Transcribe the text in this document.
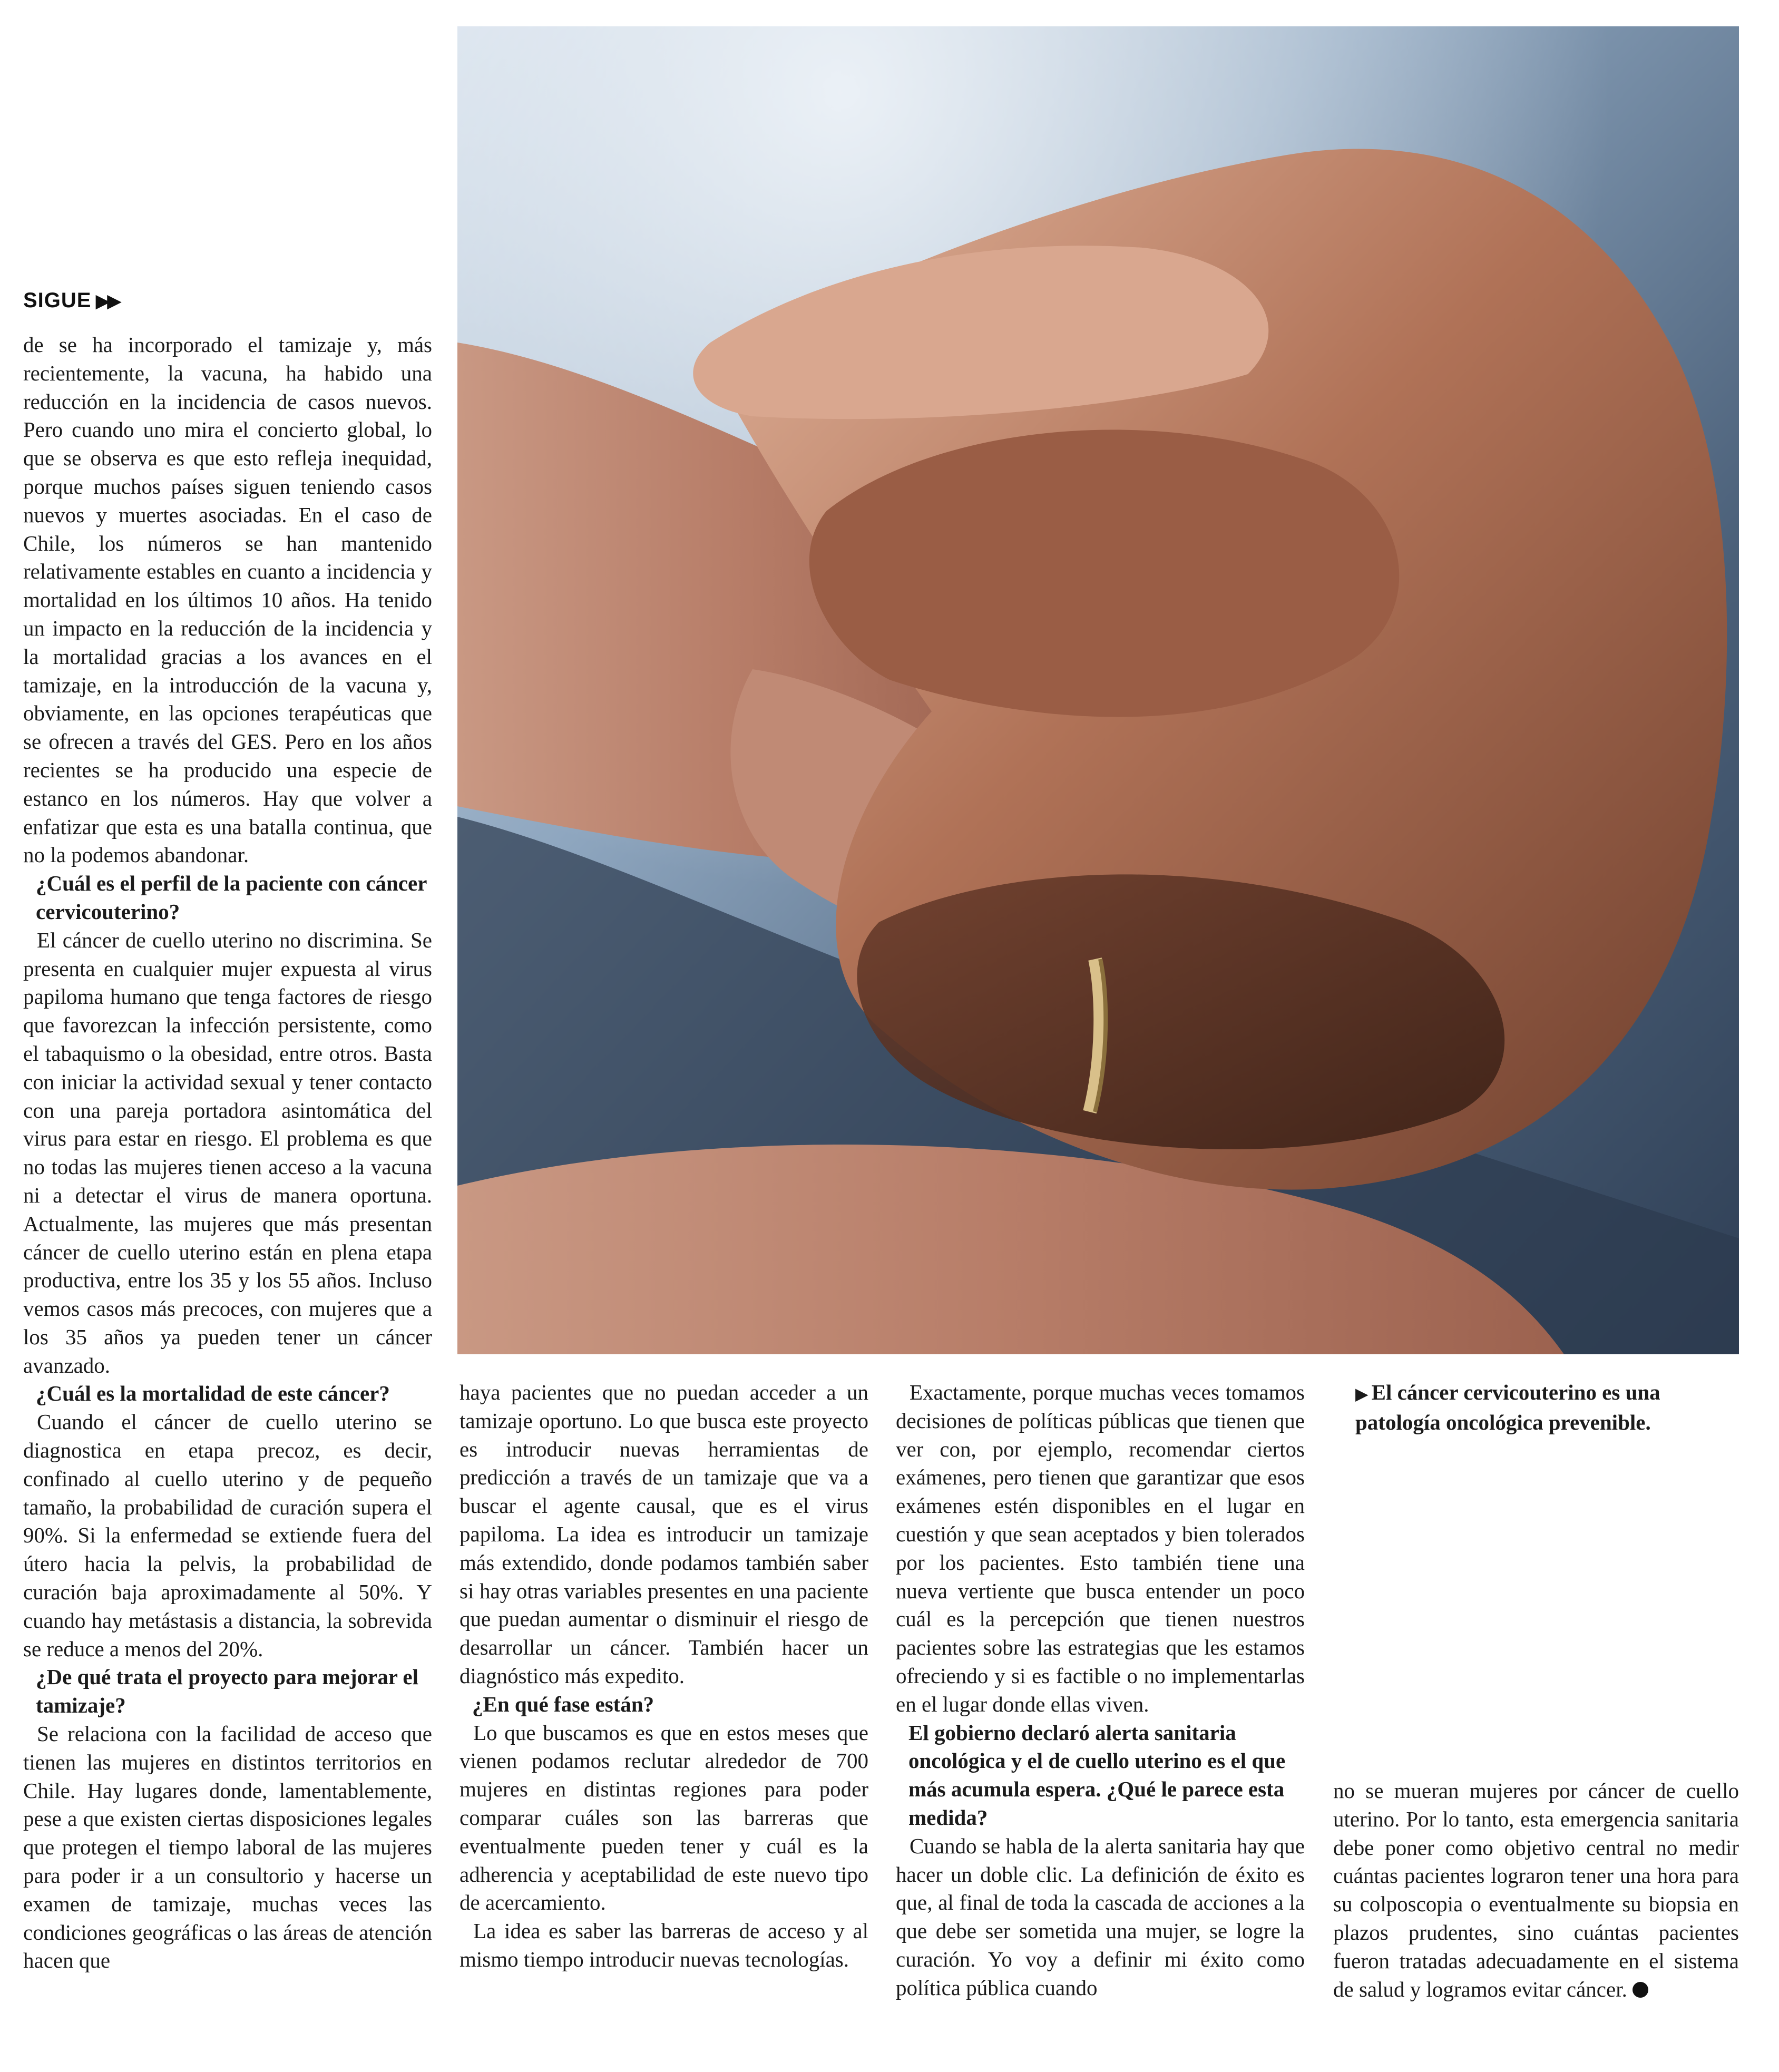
SIGUE ▶▶
▶ El cáncer cervicouterino es una patología oncológica prevenible.

de se ha incorporado el tamizaje y, más recientemente, la vacuna, ha habido una reducción en la incidencia de casos nuevos. Pero cuando uno mira el concierto global, lo que se observa es que esto refleja inequidad, porque muchos países siguen teniendo casos nuevos y muertes asociadas. En el caso de Chile, los números se han mantenido relativamente estables en cuanto a incidencia y mortalidad en los últimos 10 años. Ha tenido un impacto en la reducción de la incidencia y la mortalidad gracias a los avances en el tamizaje, en la introducción de la vacuna y, obviamente, en las opciones terapéuticas que se ofrecen a través del GES. Pero en los años recientes se ha producido una especie de estanco en los números. Hay que volver a enfatizar que esta es una batalla continua, que no la podemos abandonar.

¿Cuál es el perfil de la paciente con cáncer cervicouterino?

El cáncer de cuello uterino no discrimina. Se presenta en cualquier mujer expuesta al virus papiloma humano que tenga factores de riesgo que favorezcan la infección persistente, como el tabaquismo o la obesidad, entre otros. Basta con iniciar la actividad sexual y tener contacto con una pareja portadora asintomática del virus para estar en riesgo. El problema es que no todas las mujeres tienen acceso a la vacuna ni a detectar el virus de manera oportuna. Actualmente, las mujeres que más presentan cáncer de cuello uterino están en plena etapa productiva, entre los 35 y los 55 años. Incluso vemos casos más precoces, con mujeres que a los 35 años ya pueden tener un cáncer avanzado.

¿Cuál es la mortalidad de este cáncer?

Cuando el cáncer de cuello uterino se diagnostica en etapa precoz, es decir, confinado al cuello uterino y de pequeño tamaño, la probabilidad de curación supera el 90%. Si la enfermedad se extiende fuera del útero hacia la pelvis, la probabilidad de curación baja aproximadamente al 50%. Y cuando hay metástasis a distancia, la sobrevida se reduce a menos del 20%.

¿De qué trata el proyecto para mejorar el tamizaje?

Se relaciona con la facilidad de acceso que tienen las mujeres en distintos territorios en Chile. Hay lugares donde, lamentablemente, pese a que existen ciertas disposiciones legales que protegen el tiempo laboral de las mujeres para poder ir a un consultorio y hacerse un examen de tamizaje, muchas veces las condiciones geográficas o las áreas de atención hacen que

haya pacientes que no puedan acceder a un tamizaje oportuno. Lo que busca este proyecto es introducir nuevas herramientas de predicción a través de un tamizaje que va a buscar el agente causal, que es el virus papiloma. La idea es introducir un tamizaje más extendido, donde podamos también saber si hay otras variables presentes en una paciente que puedan aumentar o disminuir el riesgo de desarrollar un cáncer. También hacer un diagnóstico más expedito.

¿En qué fase están?

Lo que buscamos es que en estos meses que vienen podamos reclutar alrededor de 700 mujeres en distintas regiones para poder comparar cuáles son las barreras que eventualmente pueden tener y cuál es la adherencia y aceptabilidad de este nuevo tipo de acercamiento.

La idea es saber las barreras de acceso y al mismo tiempo introducir nuevas tecnologías.

Exactamente, porque muchas veces tomamos decisiones de políticas públicas que tienen que ver con, por ejemplo, recomendar ciertos exámenes, pero tienen que garantizar que esos exámenes estén disponibles en el lugar en cuestión y que sean aceptados y bien tolerados por los pacientes. Esto también tiene una nueva vertiente que busca entender un poco cuál es la percepción que tienen nuestros pacientes sobre las estrategias que les estamos ofreciendo y si es factible o no implementarlas en el lugar donde ellas viven.

El gobierno declaró alerta sanitaria oncológica y el de cuello uterino es el que más acumula espera. ¿Qué le parece esta medida?

Cuando se habla de la alerta sanitaria hay que hacer un doble clic. La definición de éxito es que, al final de toda la cascada de acciones a la que debe ser sometida una mujer, se logre la curación. Yo voy a definir mi éxito como política pública cuando

no se mueran mujeres por cáncer de cuello uterino. Por lo tanto, esta emergencia sanitaria debe poner como objetivo central no medir cuántas pacientes lograron tener una hora para su colposcopia o eventualmente su biopsia en plazos prudentes, sino cuántas pacientes fueron tratadas adecuadamente en el sistema de salud y logramos evitar cáncer.
